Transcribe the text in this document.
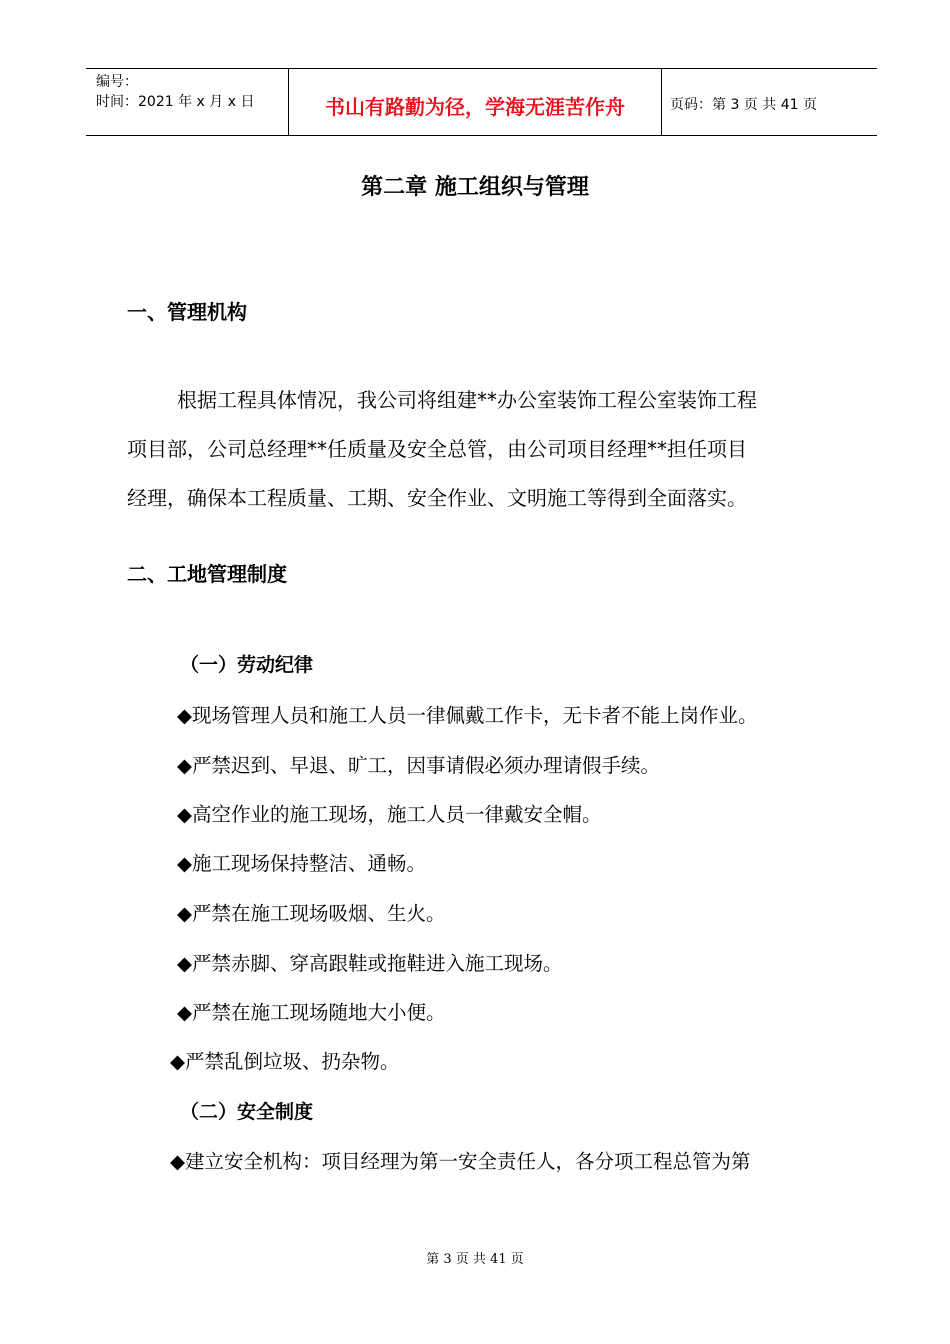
编号：
时间：2021 年 x 月 x 日	书山有路勤为径，学海无涯苦作舟	页码：第 3 页 共 41 页
第二章 施工组织与管理
一、管理机构
根据工程具体情况，我公司将组建**办公室装饰工程公室装饰工程
项目部，公司总经理**任质量及安全总管，由公司项目经理**担任项目
经理，确保本工程质量、工期、安全作业、文明施工等得到全面落实。
二、工地管理制度
（一）劳动纪律
◆现场管理人员和施工人员一律佩戴工作卡，无卡者不能上岗作业。
◆严禁迟到、早退、旷工，因事请假必须办理请假手续。
◆高空作业的施工现场，施工人员一律戴安全帽。
◆施工现场保持整洁、通畅。
◆严禁在施工现场吸烟、生火。
◆严禁赤脚、穿高跟鞋或拖鞋进入施工现场。
◆严禁在施工现场随地大小便。
◆严禁乱倒垃圾、扔杂物。
（二）安全制度
◆建立安全机构：项目经理为第一安全责任人，各分项工程总管为第
第 3 页 共 41 页
